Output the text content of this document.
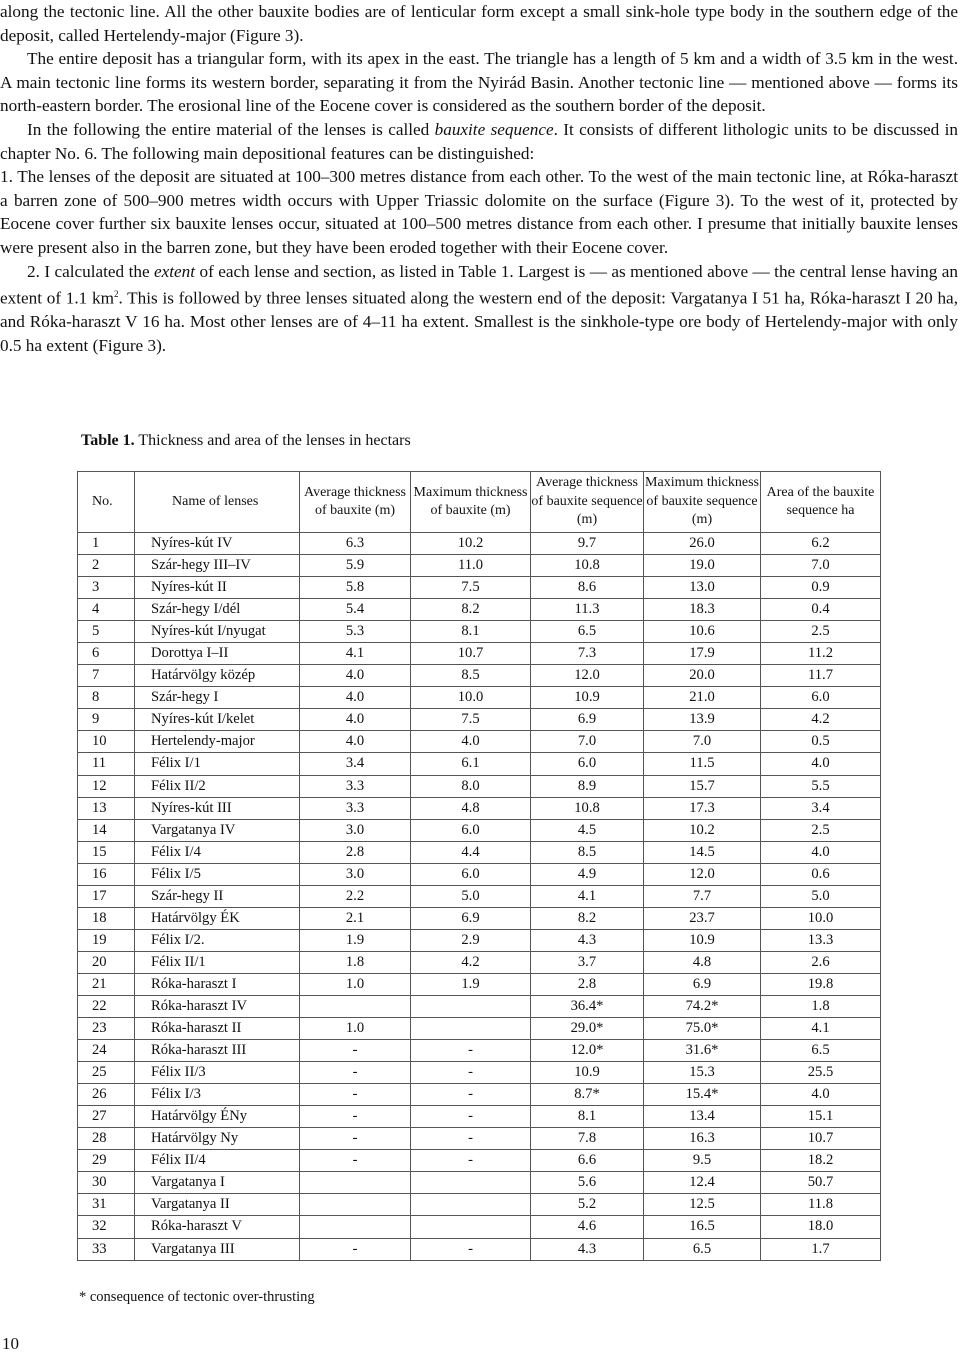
along the tectonic line. All the other bauxite bodies are of lenticular form except a small sink-hole type body in the southern edge of the deposit, called Hertelendy-major (Figure 3).

The entire deposit has a triangular form, with its apex in the east. The triangle has a length of 5 km and a width of 3.5 km in the west. A main tectonic line forms its western border, separating it from the Nyirád Basin. Another tectonic line — mentioned above — forms its north-eastern border. The erosional line of the Eocene cover is considered as the southern border of the deposit.

In the following the entire material of the lenses is called bauxite sequence. It consists of different lithologic units to be discussed in chapter No. 6. The following main depositional features can be distinguished:

1. The lenses of the deposit are situated at 100–300 metres distance from each other. To the west of the main tectonic line, at Róka-haraszt a barren zone of 500–900 metres width occurs with Upper Triassic dolomite on the surface (Figure 3). To the west of it, protected by Eocene cover further six bauxite lenses occur, situated at 100–500 metres distance from each other. I presume that initially bauxite lenses were present also in the barren zone, but they have been eroded together with their Eocene cover.

2. I calculated the extent of each lense and section, as listed in Table 1. Largest is — as mentioned above — the central lense having an extent of 1.1 $km^2$. This is followed by three lenses situated along the western end of the deposit: Vargatanya I 51 ha, Róka-haraszt I 20 ha, and Róka-haraszt V 16 ha. Most other lenses are of 4–11 ha extent. Smallest is the sinkhole-type ore body of Hertelendy-major with only 0.5 ha extent (Figure 3).

Table 1. Thickness and area of the lenses in hectars
No.	Name of lenses	Average thickness of bauxite (m)	Maximum thickness of bauxite (m)	Average thickness of bauxite sequence (m)	Maximum thickness of bauxite sequence (m)	Area of the bauxite sequence ha
1	Nyíres-kút IV	6.3	10.2	9.7	26.0	6.2
2	Szár-hegy III–IV	5.9	11.0	10.8	19.0	7.0
3	Nyíres-kút II	5.8	7.5	8.6	13.0	0.9
4	Szár-hegy I/dél	5.4	8.2	11.3	18.3	0.4
5	Nyíres-kút I/nyugat	5.3	8.1	6.5	10.6	2.5
6	Dorottya I–II	4.1	10.7	7.3	17.9	11.2
7	Határvölgy közép	4.0	8.5	12.0	20.0	11.7
8	Szár-hegy I	4.0	10.0	10.9	21.0	6.0
9	Nyíres-kút I/kelet	4.0	7.5	6.9	13.9	4.2
10	Hertelendy-major	4.0	4.0	7.0	7.0	0.5
11	Félix I/1	3.4	6.1	6.0	11.5	4.0
12	Félix II/2	3.3	8.0	8.9	15.7	5.5
13	Nyíres-kút III	3.3	4.8	10.8	17.3	3.4
14	Vargatanya IV	3.0	6.0	4.5	10.2	2.5
15	Félix I/4	2.8	4.4	8.5	14.5	4.0
16	Félix I/5	3.0	6.0	4.9	12.0	0.6
17	Szár-hegy II	2.2	5.0	4.1	7.7	5.0
18	Határvölgy ÉK	2.1	6.9	8.2	23.7	10.0
19	Félix I/2.	1.9	2.9	4.3	10.9	13.3
20	Félix II/1	1.8	4.2	3.7	4.8	2.6
21	Róka-haraszt I	1.0	1.9	2.8	6.9	19.8
22	Róka-haraszt IV			36.4*	74.2*	1.8
23	Róka-haraszt II	1.0		29.0*	75.0*	4.1
24	Róka-haraszt III	-	-	12.0*	31.6*	6.5
25	Félix II/3	-	-	10.9	15.3	25.5
26	Félix I/3	-	-	8.7*	15.4*	4.0
27	Határvölgy ÉNy	-	-	8.1	13.4	15.1
28	Határvölgy Ny	-	-	7.8	16.3	10.7
29	Félix II/4	-	-	6.6	9.5	18.2
30	Vargatanya I			5.6	12.4	50.7
31	Vargatanya II			5.2	12.5	11.8
32	Róka-haraszt V			4.6	16.5	18.0
33	Vargatanya III	-	-	4.3	6.5	1.7
* consequence of tectonic over-thrusting
10
